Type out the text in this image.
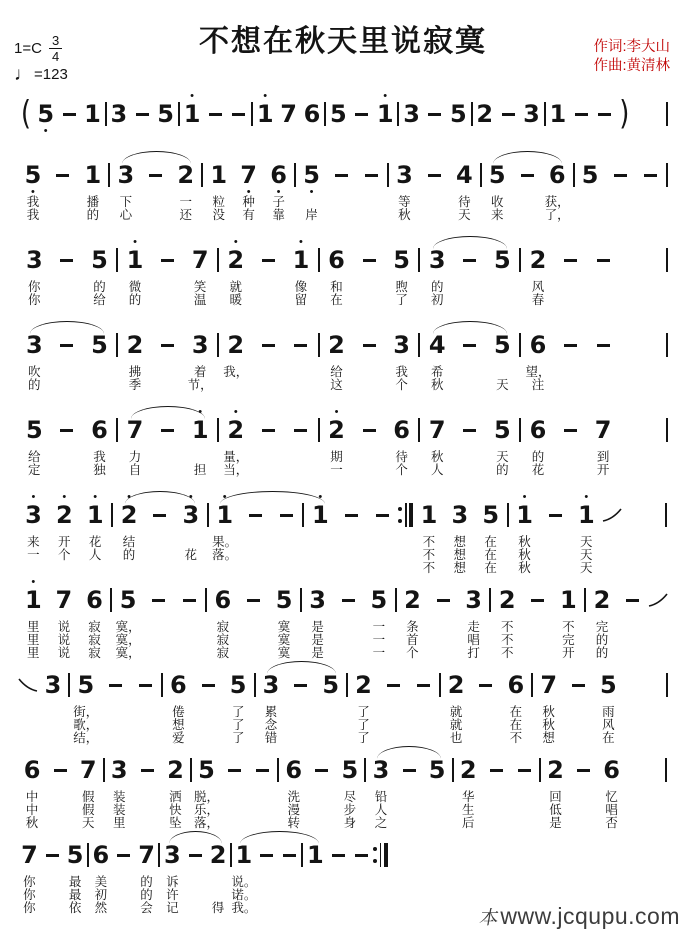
$1=C \frac{3}{4}$
♩ =123
不想在秋天里说寂寞	作词:李大山
作曲:黄清林
( 5
•
1 3 5
•
1
•
1 7 6 5
•
1 3 5 2 3 1 )
5
•
我
我
1
播
的
3
下
心
2
一
还
1
粒
没
7
•
种
有
6
•
子
靠
5
•
岸
3
等
秋
4
待
天
5
收
来
6
获，
了，
5
3
你
你
5
的
给
•
1
微
的
7
笑
温
•
2
就
暖
•
1
像
留
6
和
在
5
煦
了
3
的
初
5 2
风
春
3
吹
的
5 2
拂
季
3
着
节，
2
我，
2
给
这
3
我
个
4
希
秋
5
天
6
望，
注
5
给
定
6
我
独
7
力
自
•
1
担
•
2
量，
当，
•
2
期
一
6
待
个
7
秋
人
5
天
的
6
的
花
7
到
开
•
3
来
一
•
2
开
个
•
1
花
人
•
2
结
的
•
3
花
•
1
果。
落。
•
1	1
不
不
不
3
想
想
想
5
在
在
在
•
1
秋
秋
秋
•
1
天
天
天
•
1
里
里
里
7
说
说
说
6
寂
寂
寂
5
寞，
寞，
寞，
6
寂
寂
寂
5
寞
寞
寞
3
是
是
是
5
一
一
一
2
条
首
个
3
走
唱
打
2
不
不
不
1
不
完
开
2
完
的
的
3 5
街，
歌，
结，
6
倦
想
爱
5
了
了
了
3
累
念
错
5 2
了
了
了
2
就
就
也
6
在
在
不
7
秋
秋
想
5
雨
风
在
6
中
中
秋
7
假
假
天
3
装
装
里
2
洒
快
坠
5
脱，
乐，
落，
6
洗
漫
转
5
尽
步
身
3
铅
人
之
5 2
华
生
后
2
回
低
是
6
忆
唱
否
7
你
你
你
5
最
最
依
6
美
初
然
7
的
的
会
3
诉
许
记
2
得
1
说。
诺。
我。
1
本www.jcqupu.com
